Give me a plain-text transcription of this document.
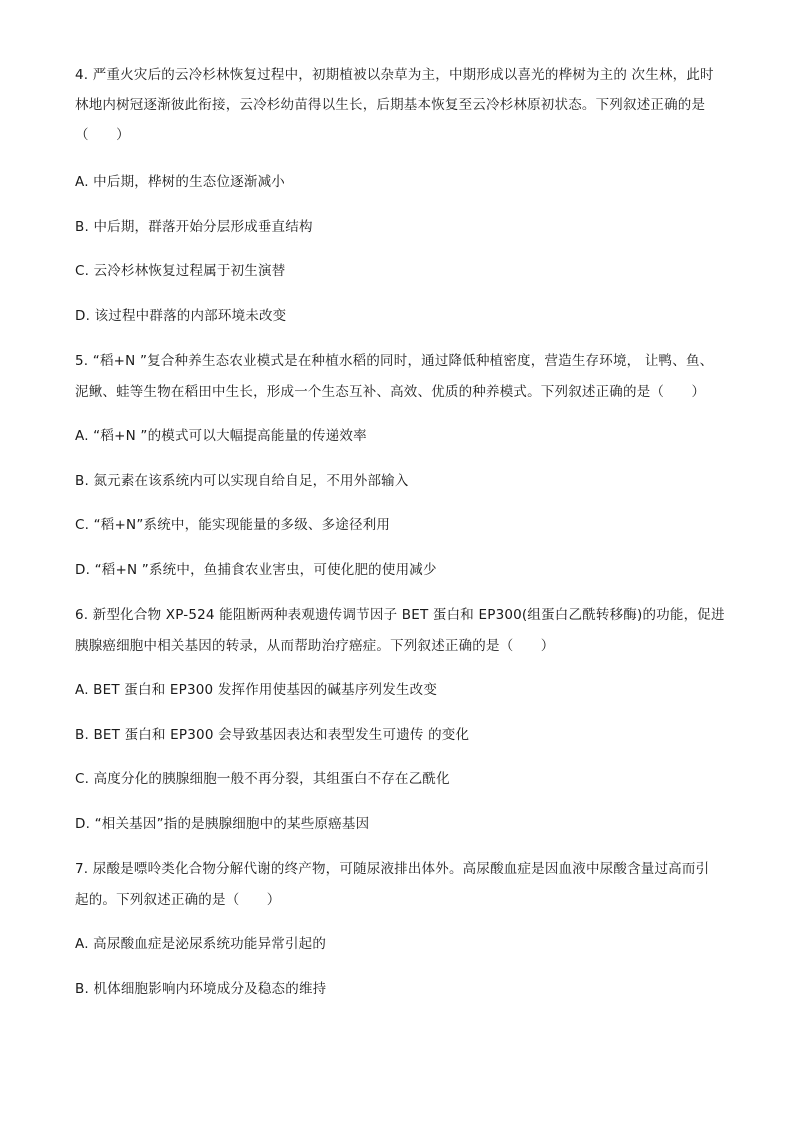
4. 严重火灾后的云冷杉林恢复过程中，初期植被以杂草为主，中期形成以喜光的桦树为主的 次生林，此时
林地内树冠逐渐彼此衔接，云冷杉幼苗得以生长，后期基本恢复至云冷杉林原初状态。下列叙述正确的是
（　　）
A. 中后期，桦树的生态位逐渐减小
B. 中后期，群落开始分层形成垂直结构
C. 云冷杉林恢复过程属于初生演替
D. 该过程中群落的内部环境未改变
5. “稻+N ”复合种养生态农业模式是在种植水稻的同时，通过降低种植密度，营造生存环境， 让鸭、鱼、
泥鳅、蛙等生物在稻田中生长，形成一个生态互补、高效、优质的种养模式。下列叙述正确的是（　　）
A. “稻+N ”的模式可以大幅提高能量的传递效率
B. 氮元素在该系统内可以实现自给自足，不用外部输入
C. “稻+N”系统中，能实现能量的多级、多途径利用
D. “稻+N ”系统中，鱼捕食农业害虫，可使化肥的使用减少
6. 新型化合物 XP-524 能阻断两种表观遗传调节因子 BET 蛋白和 EP300(组蛋白乙酰转移酶)的功能，促进
胰腺癌细胞中相关基因的转录，从而帮助治疗癌症。下列叙述正确的是（　　）
A. BET 蛋白和 EP300 发挥作用使基因的碱基序列发生改变
B. BET 蛋白和 EP300 会导致基因表达和表型发生可遗传 的变化
C. 高度分化的胰腺细胞一般不再分裂，其组蛋白不存在乙酰化
D. “相关基因”指的是胰腺细胞中的某些原癌基因
7. 尿酸是嘌呤类化合物分解代谢的终产物，可随尿液排出体外。高尿酸血症是因血液中尿酸含量过高而引
起的。下列叙述正确的是（　　）
A. 高尿酸血症是泌尿系统功能异常引起的
B. 机体细胞影响内环境成分及稳态的维持
